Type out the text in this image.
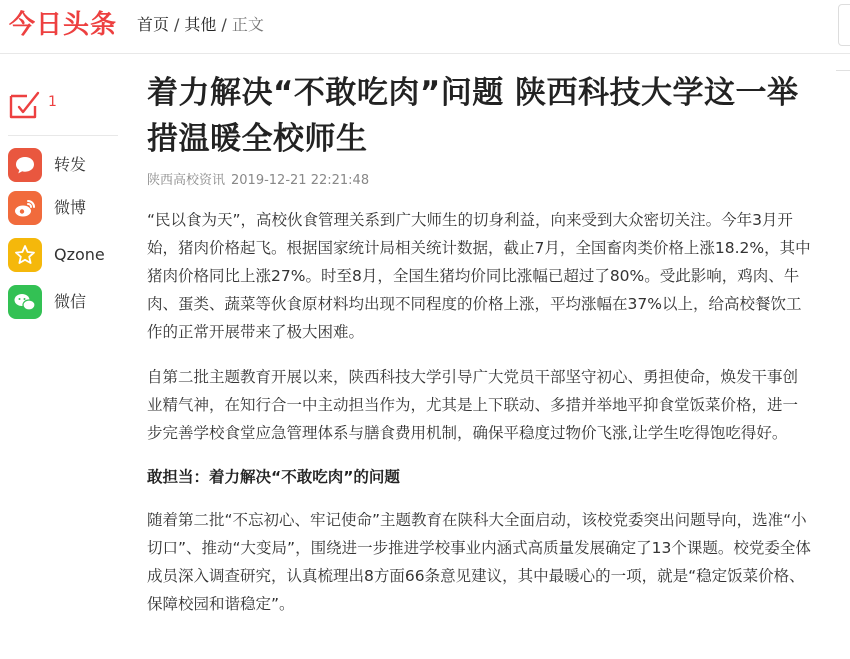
今日头条 首页 / 其他 / 正文
1
转发
微博
Qzone
微信
着力解决“不敢吃肉”问题 陕西科技大学这一举措温暖全校师生
陕西高校资讯 2019-12-21 22:21:48

“民以食为天”，高校伙食管理关系到广大师生的切身利益，向来受到大众密切关注。今年3月开始，猪肉价格起飞。根据国家统计局相关统计数据，截止7月，全国畜肉类价格上涨18.2%，其中猪肉价格同比上涨27%。时至8月，全国生猪均价同比涨幅已超过了80%。受此影响，鸡肉、牛肉、蛋类、蔬菜等伙食原材料均出现不同程度的价格上涨，平均涨幅在37%以上，给高校餐饮工作的正常开展带来了极大困难。

自第二批主题教育开展以来，陕西科技大学引导广大党员干部坚守初心、勇担使命，焕发干事创业精气神，在知行合一中主动担当作为，尤其是上下联动、多措并举地平抑食堂饭菜价格，进一步完善学校食堂应急管理体系与膳食费用机制，确保平稳度过物价飞涨,让学生吃得饱吃得好。

敢担当：着力解决“不敢吃肉”的问题

随着第二批“不忘初心、牢记使命”主题教育在陕科大全面启动，该校党委突出问题导向，选准“小切口”、推动“大变局”，围绕进一步推进学校事业内涵式高质量发展确定了13个课题。校党委全体成员深入调查研究，认真梳理出8方面66条意见建议，其中最暖心的一项，就是“稳定饭菜价格、保障校园和谐稳定”。
